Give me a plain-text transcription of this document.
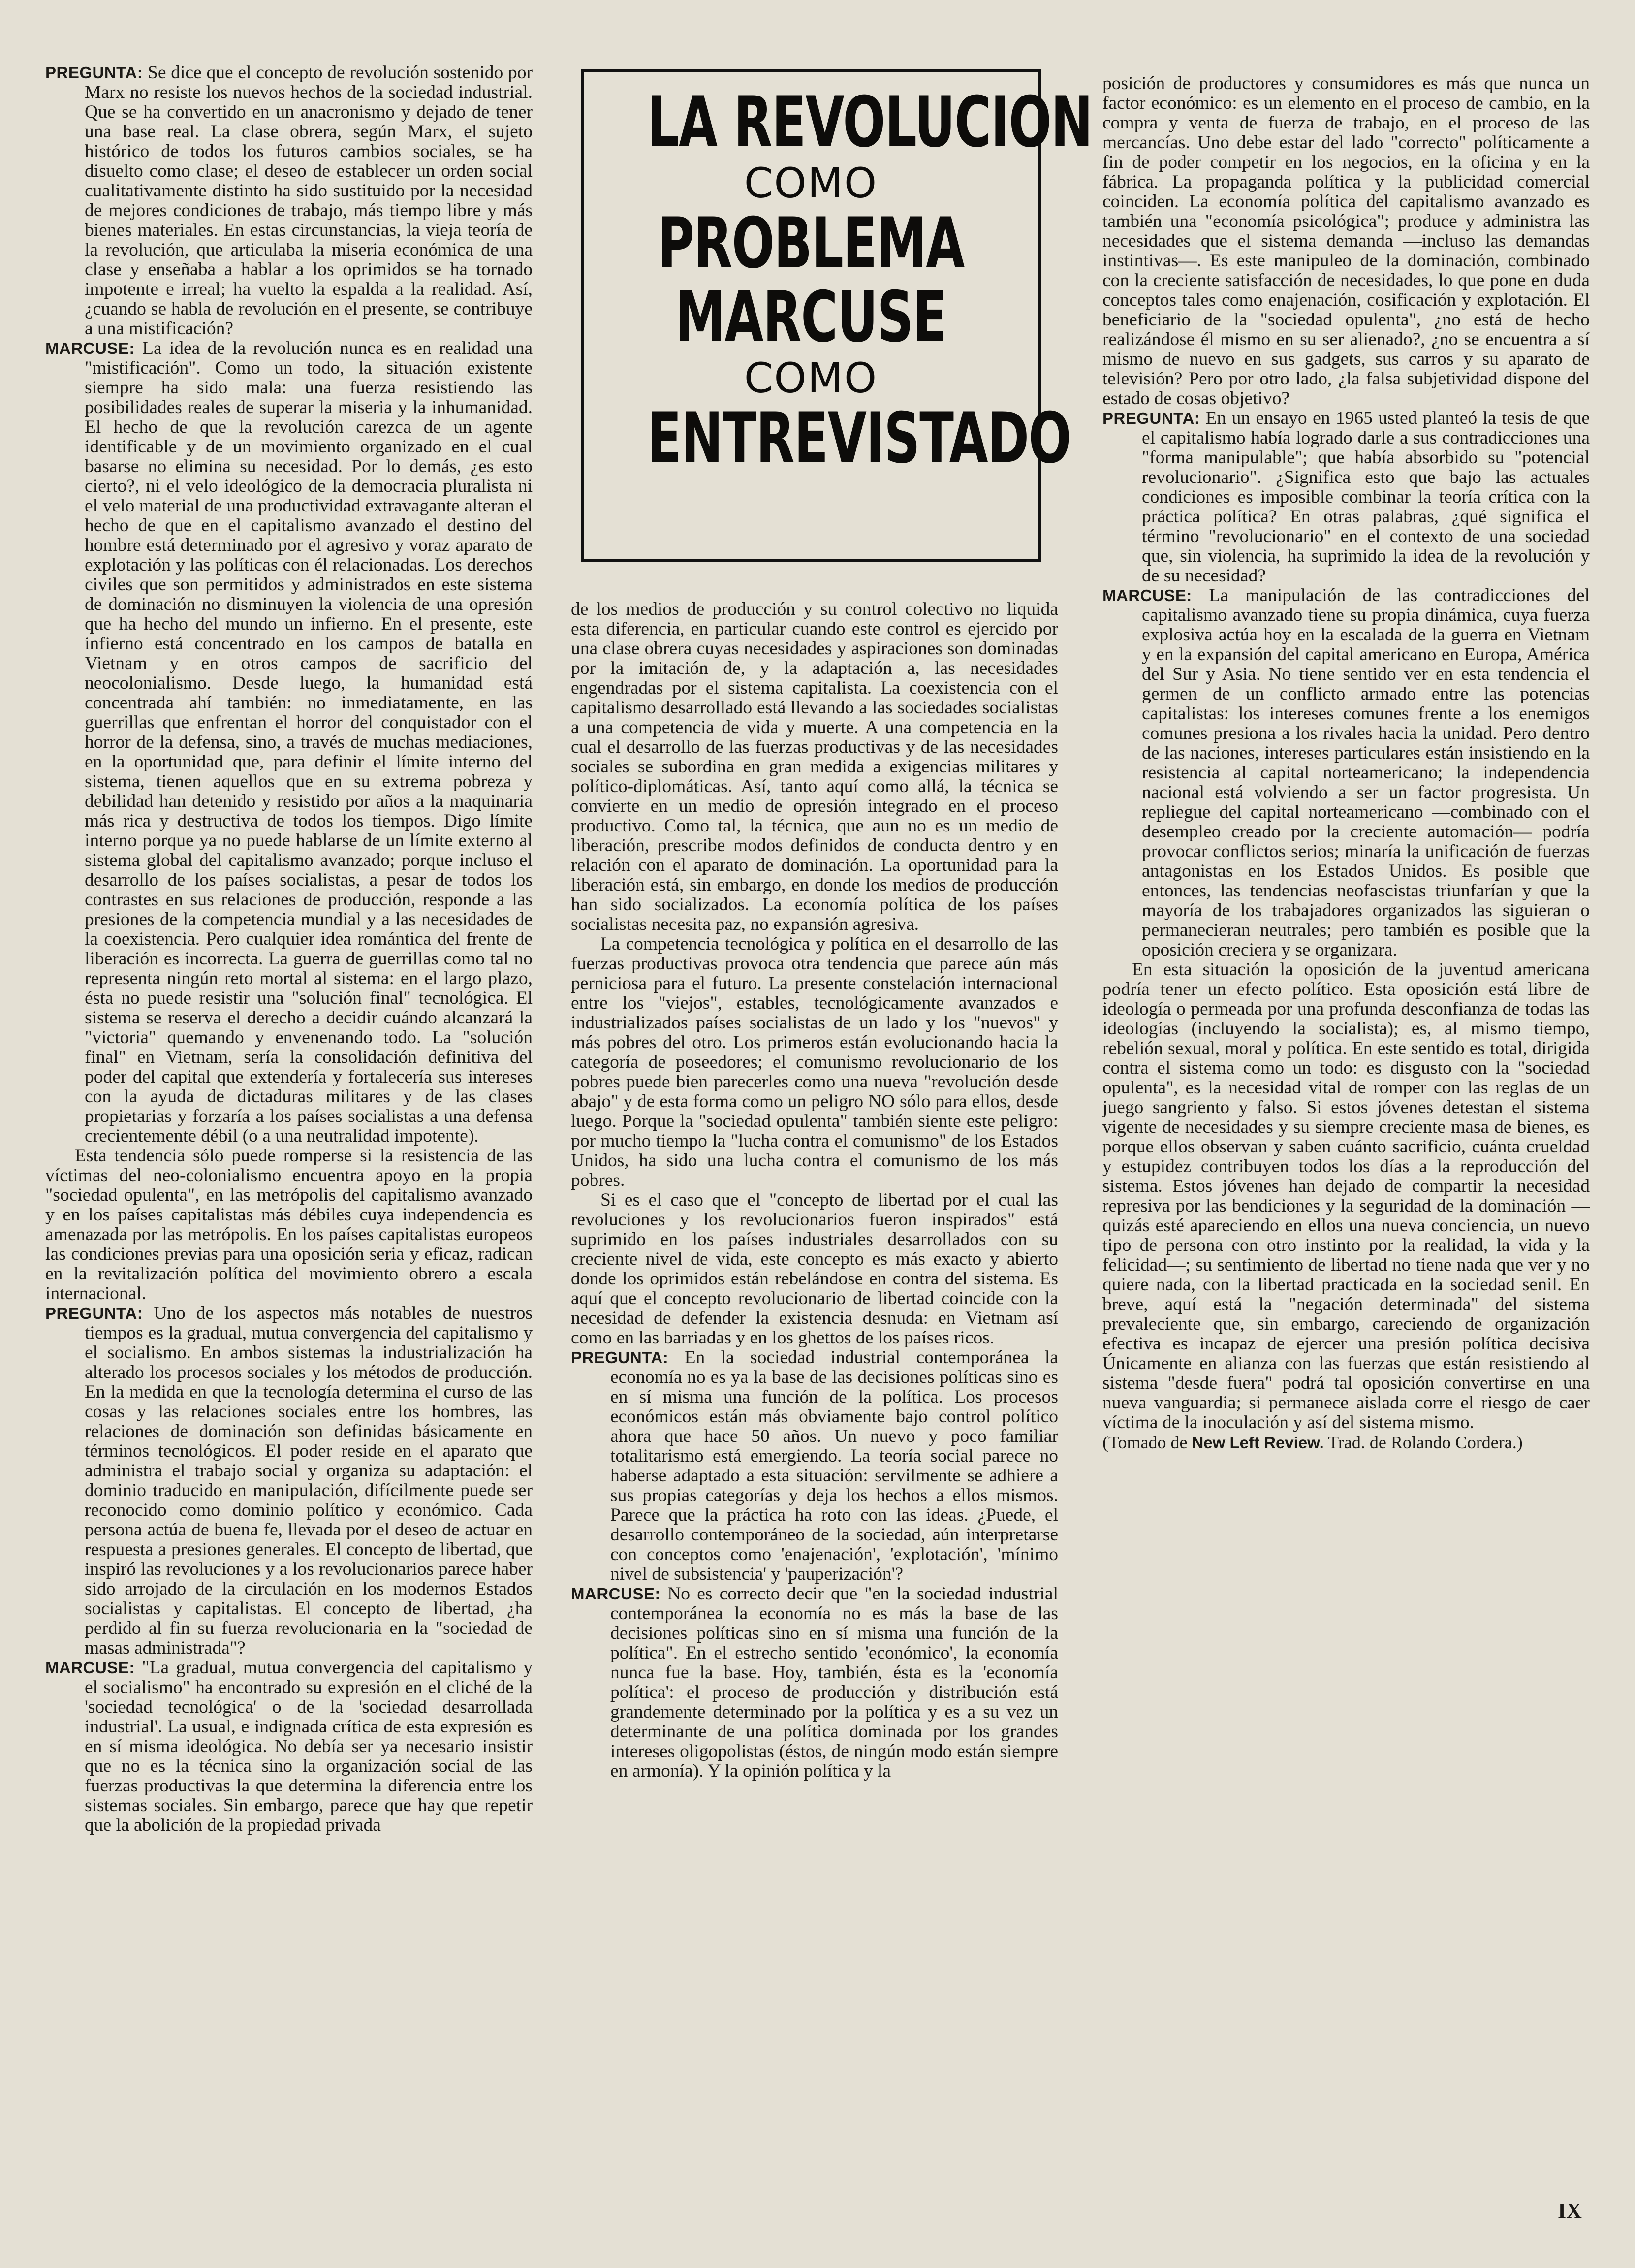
LA REVOLUCION
COMO
PROBLEMA
MARCUSE
COMO
ENTREVISTADO

PREGUNTA: Se dice que el concepto de revolución sostenido por Marx no resiste los nuevos hechos de la sociedad industrial. Que se ha convertido en un anacronismo y dejado de tener una base real. La clase obrera, según Marx, el sujeto histórico de todos los futuros cambios sociales, se ha disuelto como clase; el deseo de establecer un orden social cualitativamente distinto ha sido sustituido por la necesidad de mejores condiciones de trabajo, más tiempo libre y más bienes materiales. En estas circunstancias, la vieja teoría de la revolución, que articulaba la miseria económica de una clase y enseñaba a hablar a los oprimidos se ha tornado impotente e irreal; ha vuelto la espalda a la realidad. Así, ¿cuando se habla de revolución en el presente, se contribuye a una mistificación?

MARCUSE: La idea de la revolución nunca es en realidad una "mistificación". Como un todo, la situación existente siempre ha sido mala: una fuerza resistiendo las posibilidades reales de superar la miseria y la inhumanidad. El hecho de que la revolución carezca de un agente identificable y de un movimiento organizado en el cual basarse no elimina su necesidad. Por lo demás, ¿es esto cierto?, ni el velo ideológico de la democracia pluralista ni el velo material de una productividad extravagante alteran el hecho de que en el capitalismo avanzado el destino del hombre está determinado por el agresivo y voraz aparato de explotación y las políticas con él relacionadas. Los derechos civiles que son permitidos y administrados en este sistema de dominación no disminuyen la violencia de una opresión que ha hecho del mundo un infierno. En el presente, este infierno está concentrado en los campos de batalla en Vietnam y en otros campos de sacrificio del neocolonialismo. Desde luego, la humanidad está concentrada ahí también: no inmediatamente, en las guerrillas que enfrentan el horror del conquistador con el horror de la defensa, sino, a través de muchas mediaciones, en la oportunidad que, para definir el límite interno del sistema, tienen aquellos que en su extrema pobreza y debilidad han detenido y resistido por años a la maquinaria más rica y destructiva de todos los tiempos. Digo límite interno porque ya no puede hablarse de un límite externo al sistema global del capitalismo avanzado; porque incluso el desarrollo de los países socialistas, a pesar de todos los contrastes en sus relaciones de producción, responde a las presiones de la competencia mundial y a las necesidades de la coexistencia. Pero cualquier idea romántica del frente de liberación es incorrecta. La guerra de guerrillas como tal no representa ningún reto mortal al sistema: en el largo plazo, ésta no puede resistir una "solución final" tecnológica. El sistema se reserva el derecho a decidir cuándo alcanzará la "victoria" quemando y envenenando todo. La "solución final" en Vietnam, sería la consolidación definitiva del poder del capital que extendería y fortalecería sus intereses con la ayuda de dictaduras militares y de las clases propietarias y forzaría a los países socialistas a una defensa crecientemente débil (o a una neutralidad impotente).

Esta tendencia sólo puede romperse si la resistencia de las víctimas del neo-colonialismo encuentra apoyo en la propia "sociedad opulenta", en las metrópolis del capitalismo avanzado y en los países capitalistas más débiles cuya independencia es amenazada por las metrópolis. En los países capitalistas europeos las condiciones previas para una oposición seria y eficaz, radican en la revitalización política del movimiento obrero a escala internacional.

PREGUNTA: Uno de los aspectos más notables de nuestros tiempos es la gradual, mutua convergencia del capitalismo y el socialismo. En ambos sistemas la industrialización ha alterado los procesos sociales y los métodos de producción. En la medida en que la tecnología determina el curso de las cosas y las relaciones sociales entre los hombres, las relaciones de dominación son definidas básicamente en términos tecnológicos. El poder reside en el aparato que administra el trabajo social y organiza su adaptación: el dominio traducido en manipulación, difícilmente puede ser reconocido como dominio político y económico. Cada persona actúa de buena fe, llevada por el deseo de actuar en respuesta a presiones generales. El concepto de libertad, que inspiró las revoluciones y a los revolucionarios parece haber sido arrojado de la circulación en los modernos Estados socialistas y capitalistas. El concepto de libertad, ¿ha perdido al fin su fuerza revolucionaria en la "sociedad de masas administrada"?

MARCUSE: "La gradual, mutua convergencia del capitalismo y el socialismo" ha encontrado su expresión en el cliché de la 'sociedad tecnológica' o de la 'sociedad desarrollada industrial'. La usual, e indignada crítica de esta expresión es en sí misma ideológica. No debía ser ya necesario insistir que no es la técnica sino la organización social de las fuerzas productivas la que determina la diferencia entre los sistemas sociales. Sin embargo, parece que hay que repetir que la abolición de la propiedad privada

de los medios de producción y su control colectivo no liquida esta diferencia, en particular cuando este control es ejercido por una clase obrera cuyas necesidades y aspiraciones son dominadas por la imitación de, y la adaptación a, las necesidades engendradas por el sistema capitalista. La coexistencia con el capitalismo desarrollado está llevando a las sociedades socialistas a una competencia de vida y muerte. A una competencia en la cual el desarrollo de las fuerzas productivas y de las necesidades sociales se subordina en gran medida a exigencias militares y político-diplomáticas. Así, tanto aquí como allá, la técnica se convierte en un medio de opresión integrado en el proceso productivo. Como tal, la técnica, que aun no es un medio de liberación, prescribe modos definidos de conducta dentro y en relación con el aparato de dominación. La oportunidad para la liberación está, sin embargo, en donde los medios de producción han sido socializados. La economía política de los países socialistas necesita paz, no expansión agresiva.

La competencia tecnológica y política en el desarrollo de las fuerzas productivas provoca otra tendencia que parece aún más perniciosa para el futuro. La presente constelación internacional entre los "viejos", estables, tecnológicamente avanzados e industrializados países socialistas de un lado y los "nuevos" y más pobres del otro. Los primeros están evolucionando hacia la categoría de poseedores; el comunismo revolucionario de los pobres puede bien parecerles como una nueva "revolución desde abajo" y de esta forma como un peligro NO sólo para ellos, desde luego. Porque la "sociedad opulenta" también siente este peligro: por mucho tiempo la "lucha contra el comunismo" de los Estados Unidos, ha sido una lucha contra el comunismo de los más pobres.

Si es el caso que el "concepto de libertad por el cual las revoluciones y los revolucionarios fueron inspirados" está suprimido en los países industriales desarrollados con su creciente nivel de vida, este concepto es más exacto y abierto donde los oprimidos están rebelándose en contra del sistema. Es aquí que el concepto revolucionario de libertad coincide con la necesidad de defender la existencia desnuda: en Vietnam así como en las barriadas y en los ghettos de los países ricos.

PREGUNTA: En la sociedad industrial contemporánea la economía no es ya la base de las decisiones políticas sino es en sí misma una función de la política. Los procesos económicos están más obviamente bajo control político ahora que hace 50 años. Un nuevo y poco familiar totalitarismo está emergiendo. La teoría social parece no haberse adaptado a esta situación: servilmente se adhiere a sus propias categorías y deja los hechos a ellos mismos. Parece que la práctica ha roto con las ideas. ¿Puede, el desarrollo contemporáneo de la sociedad, aún interpretarse con conceptos como 'enajenación', 'explotación', 'mínimo nivel de subsistencia' y 'pauperización'?

MARCUSE: No es correcto decir que "en la sociedad industrial contemporánea la economía no es más la base de las decisiones políticas sino en sí misma una función de la política". En el estrecho sentido 'económico', la economía nunca fue la base. Hoy, también, ésta es la 'economía política': el proceso de producción y distribución está grandemente determinado por la política y es a su vez un determinante de una política dominada por los grandes intereses oligopolistas (éstos, de ningún modo están siempre en armonía). Y la opinión política y la

posición de productores y consumidores es más que nunca un factor económico: es un elemento en el proceso de cambio, en la compra y venta de fuerza de trabajo, en el proceso de las mercancías. Uno debe estar del lado "correcto" políticamente a fin de poder competir en los negocios, en la oficina y en la fábrica. La propaganda política y la publicidad comercial coinciden. La economía política del capitalismo avanzado es también una "economía psicológica"; produce y administra las necesidades que el sistema demanda —incluso las demandas instintivas—. Es este manipuleo de la dominación, combinado con la creciente satisfacción de necesidades, lo que pone en duda conceptos tales como enajenación, cosificación y explotación. El beneficiario de la "sociedad opulenta", ¿no está de hecho realizándose él mismo en su ser alienado?, ¿no se encuentra a sí mismo de nuevo en sus gadgets, sus carros y su aparato de televisión? Pero por otro lado, ¿la falsa subjetividad dispone del estado de cosas objetivo?

PREGUNTA: En un ensayo en 1965 usted planteó la tesis de que el capitalismo había logrado darle a sus contradicciones una "forma manipulable"; que había absorbido su "potencial revolucionario". ¿Significa esto que bajo las actuales condiciones es imposible combinar la teoría crítica con la práctica política? En otras palabras, ¿qué significa el término "revolucionario" en el contexto de una sociedad que, sin violencia, ha suprimido la idea de la revolución y de su necesidad?

MARCUSE: La manipulación de las contradicciones del capitalismo avanzado tiene su propia dinámica, cuya fuerza explosiva actúa hoy en la escalada de la guerra en Vietnam y en la expansión del capital americano en Europa, América del Sur y Asia. No tiene sentido ver en esta tendencia el germen de un conflicto armado entre las potencias capitalistas: los intereses comunes frente a los enemigos comunes presiona a los rivales hacia la unidad. Pero dentro de las naciones, intereses particulares están insistiendo en la resistencia al capital norteamericano; la independencia nacional está volviendo a ser un factor progresista. Un repliegue del capital norteamericano —combinado con el desempleo creado por la creciente automación— podría provocar conflictos serios; minaría la unificación de fuerzas antagonistas en los Estados Unidos. Es posible que entonces, las tendencias neofascistas triunfarían y que la mayoría de los trabajadores organizados las siguieran o permanecieran neutrales; pero también es posible que la oposición creciera y se organizara.

En esta situación la oposición de la juventud americana podría tener un efecto político. Esta oposición está libre de ideología o permeada por una profunda desconfianza de todas las ideologías (incluyendo la socialista); es, al mismo tiempo, rebelión sexual, moral y política. En este sentido es total, dirigida contra el sistema como un todo: es disgusto con la "sociedad opulenta", es la necesidad vital de romper con las reglas de un juego sangriento y falso. Si estos jóvenes detestan el sistema vigente de necesidades y su siempre creciente masa de bienes, es porque ellos observan y saben cuánto sacrificio, cuánta crueldad y estupidez contribuyen todos los días a la reproducción del sistema. Estos jóvenes han dejado de compartir la necesidad represiva por las bendiciones y la seguridad de la dominación —quizás esté apareciendo en ellos una nueva conciencia, un nuevo tipo de persona con otro instinto por la realidad, la vida y la felicidad—; su sentimiento de libertad no tiene nada que ver y no quiere nada, con la libertad practicada en la sociedad senil. En breve, aquí está la "negación determinada" del sistema prevaleciente que, sin embargo, careciendo de organización efectiva es incapaz de ejercer una presión política decisiva Únicamente en alianza con las fuerzas que están resistiendo al sistema "desde fuera" podrá tal oposición convertirse en una nueva vanguardia; si permanece aislada corre el riesgo de caer víctima de la inoculación y así del sistema mismo.

(Tomado de New Left Review. Trad. de Rolando Cordera.)

IX
